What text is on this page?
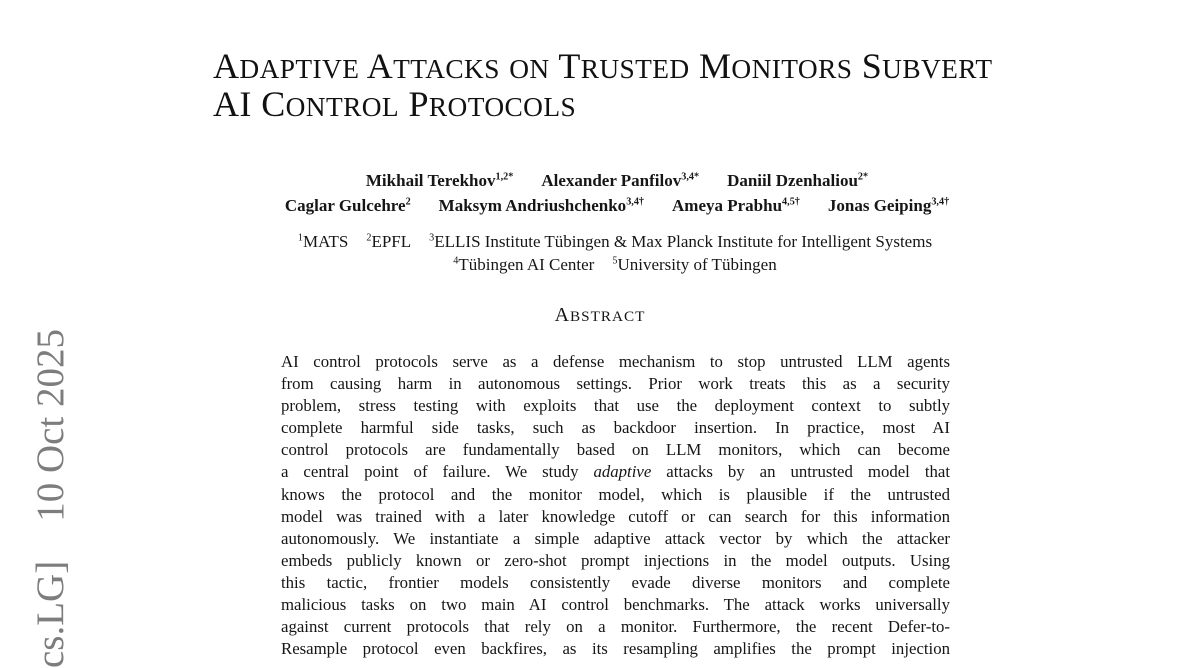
cs.LG]    10 Oct 2025
ADAPTIVE ATTACKS ON TRUSTED MONITORS SUBVERT
AI CONTROL PROTOCOLS
Mikhail Terekhov$^{1,2*}$ Alexander Panfilov$^{3,4*}$ Daniil Dzenhaliou$^{2*}$
Caglar Gulcehre$^2$ Maksym Andriushchenko$^{3,4\dagger}$ Ameya Prabhu$^{4,5\dagger}$ Jonas Geiping$^{3,4\dagger}$
$^1$MATS $^2$EPFL $^3$ELLIS Institute Tübingen & Max Planck Institute for Intelligent Systems
$^4$Tübingen AI Center $^5$University of Tübingen
ABSTRACT
AI control protocols serve as a defense mechanism to stop untrusted LLM agents
from causing harm in autonomous settings. Prior work treats this as a security
problem, stress testing with exploits that use the deployment context to subtly
complete harmful side tasks, such as backdoor insertion. In practice, most AI
control protocols are fundamentally based on LLM monitors, which can become
a central point of failure. We study adaptive attacks by an untrusted model that
knows the protocol and the monitor model, which is plausible if the untrusted
model was trained with a later knowledge cutoff or can search for this information
autonomously. We instantiate a simple adaptive attack vector by which the attacker
embeds publicly known or zero-shot prompt injections in the model outputs. Using
this tactic, frontier models consistently evade diverse monitors and complete
malicious tasks on two main AI control benchmarks. The attack works universally
against current protocols that rely on a monitor. Furthermore, the recent Defer-to-
Resample protocol even backfires, as its resampling amplifies the prompt injection
